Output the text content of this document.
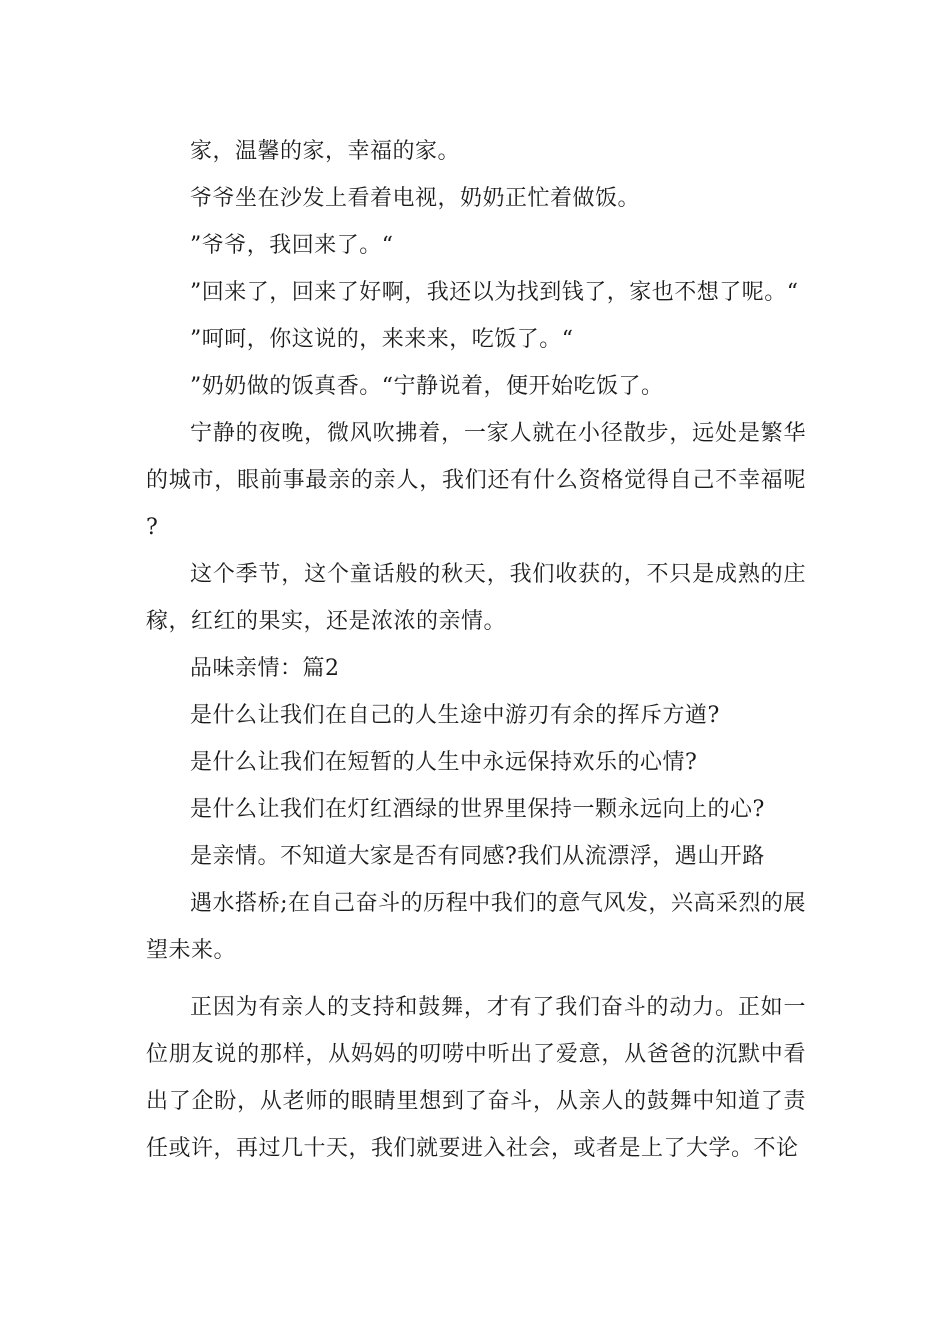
家，温馨的家，幸福的家。

爷爷坐在沙发上看着电视，奶奶正忙着做饭。

”爷爷，我回来了。“

”回来了，回来了好啊，我还以为找到钱了，家也不想了呢。“

”呵呵，你这说的，来来来，吃饭了。“

”奶奶做的饭真香。“宁静说着，便开始吃饭了。

宁静的夜晚，微风吹拂着，一家人就在小径散步，远处是繁华的城市，眼前事最亲的亲人，我们还有什么资格觉得自己不幸福呢?

这个季节，这个童话般的秋天，我们收获的，不只是成熟的庄稼，红红的果实，还是浓浓的亲情。

品味亲情：篇2

是什么让我们在自己的人生途中游刃有余的挥斥方遒?

是什么让我们在短暂的人生中永远保持欢乐的心情?

是什么让我们在灯红酒绿的世界里保持一颗永远向上的心?

是亲情。不知道大家是否有同感?我们从流漂浮，遇山开路

遇水搭桥;在自己奋斗的历程中我们的意气风发，兴高采烈的展望未来。

正因为有亲人的支持和鼓舞，才有了我们奋斗的动力。正如一位朋友说的那样，从妈妈的叨唠中听出了爱意，从爸爸的沉默中看出了企盼，从老师的眼睛里想到了奋斗，从亲人的鼓舞中知道了责任或许，再过几十天，我们就要进入社会，或者是上了大学。不论
